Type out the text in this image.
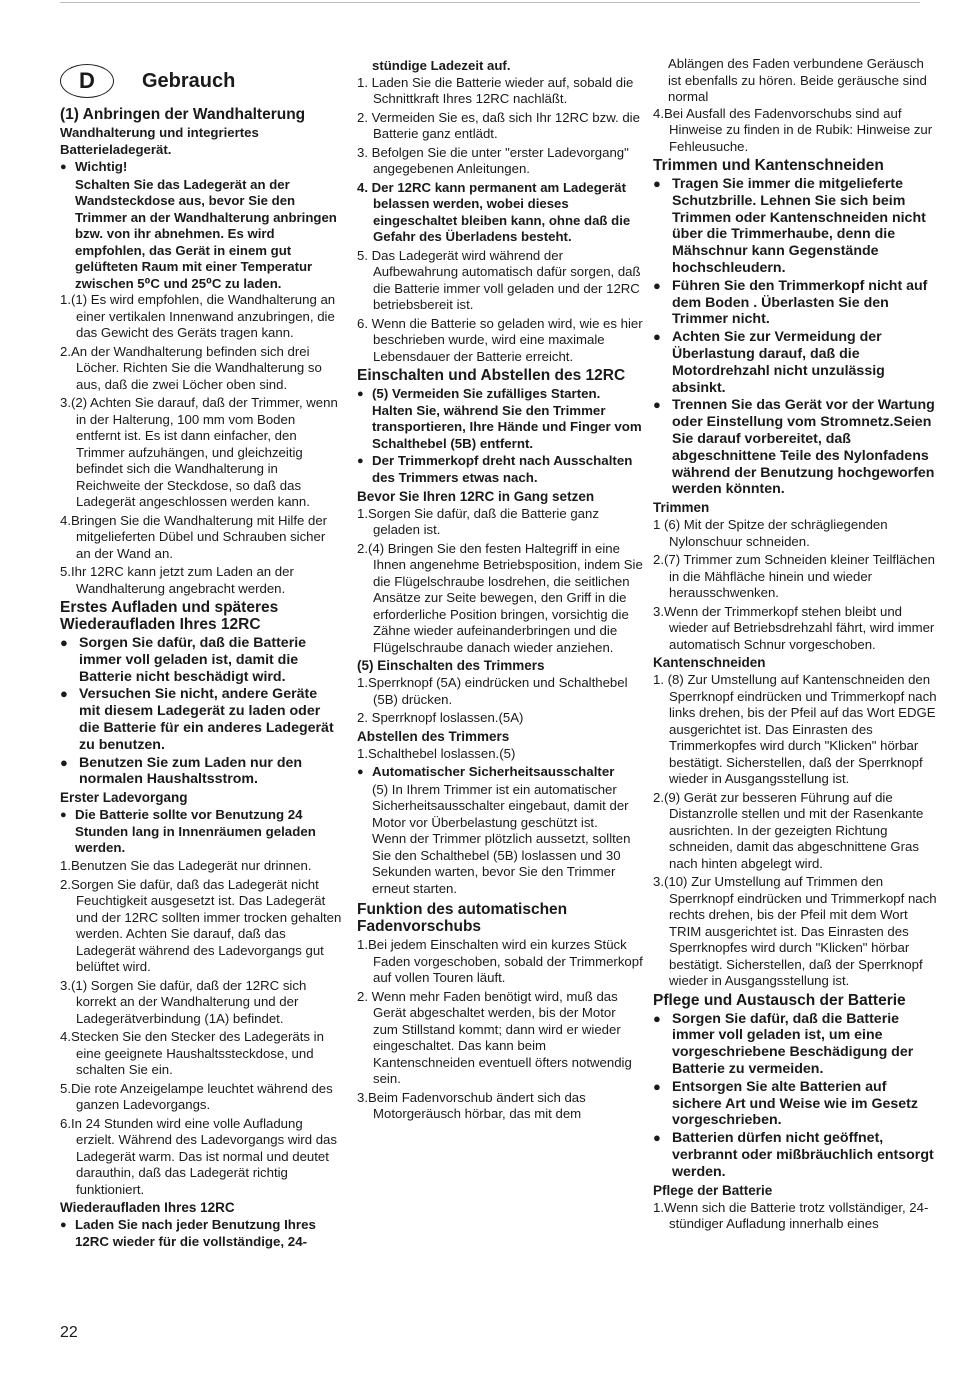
D	Gebrauch
(1) Anbringen der Wandhalterung

Wandhalterung und integriertes Batterieladegerät.

● Wichtig!

Schalten Sie das Ladegerät an der Wandsteckdose aus, bevor Sie den Trimmer an der Wandhalterung anbringen bzw. von ihr abnehmen. Es wird empfohlen, das Gerät in einem gut gelüfteten Raum mit einer Temperatur zwischen 5⁰C und 25⁰C zu laden.

1.(1) Es wird empfohlen, die Wandhalterung an einer vertikalen Innenwand anzubringen, die das Gewicht des Geräts tragen kann.

2.An der Wandhalterung befinden sich drei Löcher. Richten Sie die Wandhalterung so aus, daß die zwei Löcher oben sind.

3.(2) Achten Sie darauf, daß der Trimmer, wenn in der Halterung, 100 mm vom Boden entfernt ist. Es ist dann einfacher, den Trimmer aufzuhängen, und gleichzeitig befindet sich die Wandhalterung in Reichweite der Steckdose, so daß das Ladegerät angeschlossen werden kann.

4.Bringen Sie die Wandhalterung mit Hilfe der mitgelieferten Dübel und Schrauben sicher an der Wand an.

5.Ihr 12RC kann jetzt zum Laden an der Wandhalterung angebracht werden.

Erstes Aufladen und späteres Wiederaufladen Ihres 12RC
● Sorgen Sie dafür, daß die Batterie immer voll geladen ist, damit die Batterie nicht beschädigt wird.
● Versuchen Sie nicht, andere Geräte mit diesem Ladegerät zu laden oder die Batterie für ein anderes Ladegerät zu benutzen.
● Benutzen Sie zum Laden nur den normalen Haushaltsstrom.
Erster Ladevorgang
● Die Batterie sollte vor Benutzung 24 Stunden lang in Innenräumen geladen werden.

1.Benutzen Sie das Ladegerät nur drinnen.

2.Sorgen Sie dafür, daß das Ladegerät nicht Feuchtigkeit ausgesetzt ist. Das Ladegerät und der 12RC sollten immer trocken gehalten werden. Achten Sie darauf, daß das Ladegerät während des Ladevorgangs gut belüftet wird.

3.(1) Sorgen Sie dafür, daß der 12RC sich korrekt an der Wandhalterung und der Ladegerätverbindung (1A) befindet.

4.Stecken Sie den Stecker des Ladegeräts in eine geeignete Haushaltssteckdose, und schalten Sie ein.

5.Die rote Anzeigelampe leuchtet während des ganzen Ladevorgangs.

6.In 24 Stunden wird eine volle Aufladung erzielt. Während des Ladevorgangs wird das Ladegerät warm. Das ist normal und deutet darauthin, daß das Ladegerät richtig funktioniert.

Wiederaufladen Ihres 12RC
● Laden Sie nach jeder Benutzung Ihres 12RC wieder für die vollständige, 24-

stündige Ladezeit auf.

1. Laden Sie die Batterie wieder auf, sobald die Schnittkraft Ihres 12RC nachläßt.

2. Vermeiden Sie es, daß sich Ihr 12RC bzw. die Batterie ganz entlädt.

3. Befolgen Sie die unter "erster Ladevorgang" angegebenen Anleitungen.

4. Der 12RC kann permanent am Ladegerät belassen werden, wobei dieses eingeschaltet bleiben kann, ohne daß die Gefahr des Überladens besteht.

5. Das Ladegerät wird während der Aufbewahrung automatisch dafür sorgen, daß die Batterie immer voll geladen und der 12RC betriebsbereit ist.

6. Wenn die Batterie so geladen wird, wie es hier beschrieben wurde, wird eine maximale Lebensdauer der Batterie erreicht.

Einschalten und Abstellen des 12RC
● (5) Vermeiden Sie zufälliges Starten. Halten Sie, während Sie den Trimmer transportieren, Ihre Hände und Finger vom Schalthebel (5B) entfernt.
● Der Trimmerkopf dreht nach Ausschalten des Trimmers etwas nach.
Bevor Sie Ihren 12RC in Gang setzen

1.Sorgen Sie dafür, daß die Batterie ganz geladen ist.

2.(4) Bringen Sie den festen Haltegriff in eine Ihnen angenehme Betriebsposition, indem Sie die Flügelschraube losdrehen, die seitlichen Ansätze zur Seite bewegen, den Griff in die erforderliche Position bringen, vorsichtig die Zähne wieder aufeinanderbringen und die Flügelschraube danach wieder anziehen.

(5) Einschalten des Trimmers

1.Sperrknopf (5A) eindrücken und Schalthebel (5B) drücken.

2. Sperrknopf loslassen.(5A)

Abstellen des Trimmers

1.Schalthebel loslassen.(5)

● Automatischer Sicherheitsausschalter

(5) In Ihrem Trimmer ist ein automatischer Sicherheitsausschalter eingebaut, damit der Motor vor Überbelastung geschützt ist.

Wenn der Trimmer plötzlich aussetzt, sollten Sie den Schalthebel (5B) loslassen und 30 Sekunden warten, bevor Sie den Trimmer erneut starten.

Funktion des automatischen Fadenvorschubs

1.Bei jedem Einschalten wird ein kurzes Stück Faden vorgeschoben, sobald der Trimmerkopf auf vollen Touren läuft.

2. Wenn mehr Faden benötigt wird, muß das Gerät abgeschaltet werden, bis der Motor zum Stillstand kommt; dann wird er wieder eingeschaltet. Das kann beim Kantenschneiden eventuell öfters notwendig sein.

3.Beim Fadenvorschub ändert sich das Motorgeräusch hörbar, das mit dem

Ablängen des Faden verbundene Geräusch ist ebenfalls zu hören. Beide geräusche sind normal

4.Bei Ausfall des Fadenvorschubs sind auf Hinweise zu finden in de Rubik: Hinweise zur Fehleusuche.

Trimmen und Kantenschneiden
● Tragen Sie immer die mitgelieferte Schutzbrille. Lehnen Sie sich beim Trimmen oder Kantenschneiden nicht über die Trimmerhaube, denn die Mähschnur kann Gegenstände hochschleudern.
● Führen Sie den Trimmerkopf nicht auf dem Boden . Überlasten Sie den Trimmer nicht.
● Achten Sie zur Vermeidung der Überlastung darauf, daß die Motordrehzahl nicht unzulässig absinkt.
● Trennen Sie das Gerät vor der Wartung oder Einstellung vom Stromnetz.Seien Sie darauf vorbereitet, daß abgeschnittene Teile des Nylonfadens während der Benutzung hochgeworfen werden könnten.
Trimmen

1 (6) Mit der Spitze der schrägliegenden Nylonschuur schneiden.

2.(7) Trimmer zum Schneiden kleiner Teilflächen in die Mähfläche hinein und wieder herausschwenken.

3.Wenn der Trimmerkopf stehen bleibt und wieder auf Betriebsdrehzahl fährt, wird immer automatisch Schnur vorgeschoben.

Kantenschneiden

1. (8) Zur Umstellung auf Kantenschneiden den Sperrknopf eindrücken und Trimmerkopf nach links drehen, bis der Pfeil auf das Wort EDGE ausgerichtet ist. Das Einrasten des Trimmerkopfes wird durch "Klicken" hörbar bestätigt. Sicherstellen, daß der Sperrknopf wieder in Ausgangsstellung ist.

2.(9) Gerät zur besseren Führung auf die Distanzrolle stellen und mit der Rasenkante ausrichten. In der gezeigten Richtung schneiden, damit das abgeschnittene Gras nach hinten abgelegt wird.

3.(10) Zur Umstellung auf Trimmen den Sperrknopf eindrücken und Trimmerkopf nach rechts drehen, bis der Pfeil mit dem Wort TRIM ausgerichtet ist. Das Einrasten des Sperrknopfes wird durch "Klicken" hörbar bestätigt. Sicherstellen, daß der Sperrknopf wieder in Ausgangsstellung ist.

Pflege und Austausch der Batterie
● Sorgen Sie dafür, daß die Batterie immer voll geladen ist, um eine vorgeschriebene Beschädigung der Batterie zu vermeiden.
● Entsorgen Sie alte Batterien auf sichere Art und Weise wie im Gesetz vorgeschrieben.
● Batterien dürfen nicht geöffnet, verbrannt oder mißbräuchlich entsorgt werden.
Pflege der Batterie

1.Wenn sich die Batterie trotz vollständiger, 24-stündiger Aufladung innerhalb eines

22
